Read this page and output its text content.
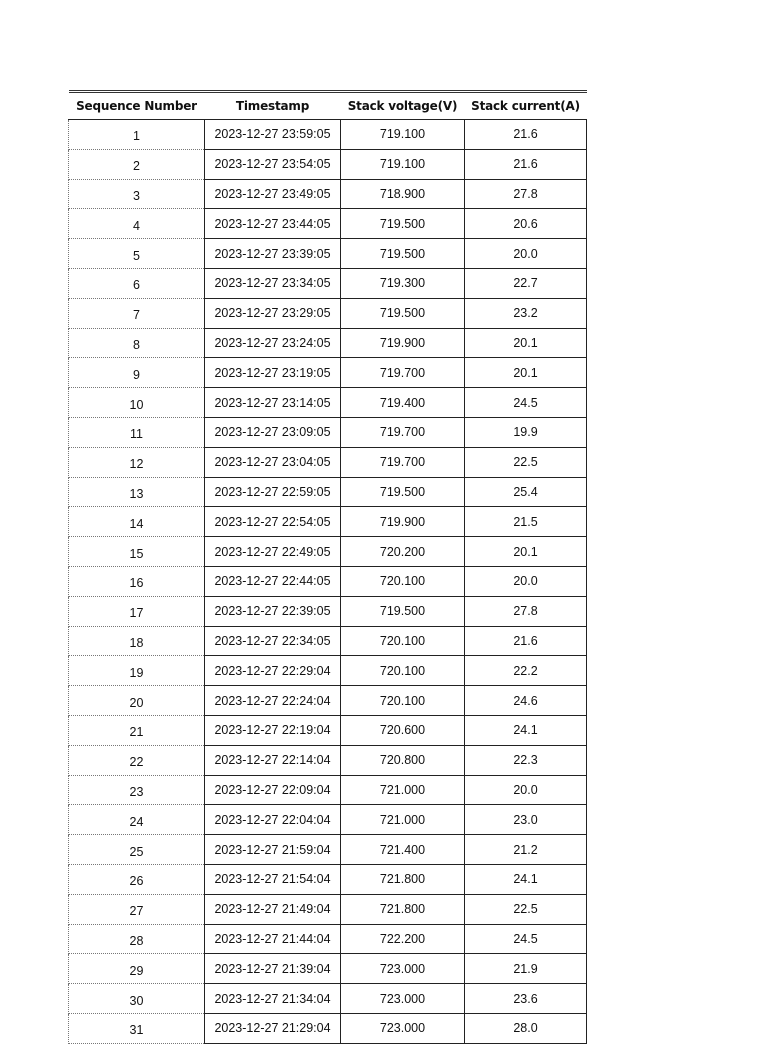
Sequence Number	Timestamp	Stack voltage(V)	Stack current(A)
1	2023-12-27 23:59:05	719.100	21.6
2	2023-12-27 23:54:05	719.100	21.6
3	2023-12-27 23:49:05	718.900	27.8
4	2023-12-27 23:44:05	719.500	20.6
5	2023-12-27 23:39:05	719.500	20.0
6	2023-12-27 23:34:05	719.300	22.7
7	2023-12-27 23:29:05	719.500	23.2
8	2023-12-27 23:24:05	719.900	20.1
9	2023-12-27 23:19:05	719.700	20.1
10	2023-12-27 23:14:05	719.400	24.5
11	2023-12-27 23:09:05	719.700	19.9
12	2023-12-27 23:04:05	719.700	22.5
13	2023-12-27 22:59:05	719.500	25.4
14	2023-12-27 22:54:05	719.900	21.5
15	2023-12-27 22:49:05	720.200	20.1
16	2023-12-27 22:44:05	720.100	20.0
17	2023-12-27 22:39:05	719.500	27.8
18	2023-12-27 22:34:05	720.100	21.6
19	2023-12-27 22:29:04	720.100	22.2
20	2023-12-27 22:24:04	720.100	24.6
21	2023-12-27 22:19:04	720.600	24.1
22	2023-12-27 22:14:04	720.800	22.3
23	2023-12-27 22:09:04	721.000	20.0
24	2023-12-27 22:04:04	721.000	23.0
25	2023-12-27 21:59:04	721.400	21.2
26	2023-12-27 21:54:04	721.800	24.1
27	2023-12-27 21:49:04	721.800	22.5
28	2023-12-27 21:44:04	722.200	24.5
29	2023-12-27 21:39:04	723.000	21.9
30	2023-12-27 21:34:04	723.000	23.6
31	2023-12-27 21:29:04	723.000	28.0
